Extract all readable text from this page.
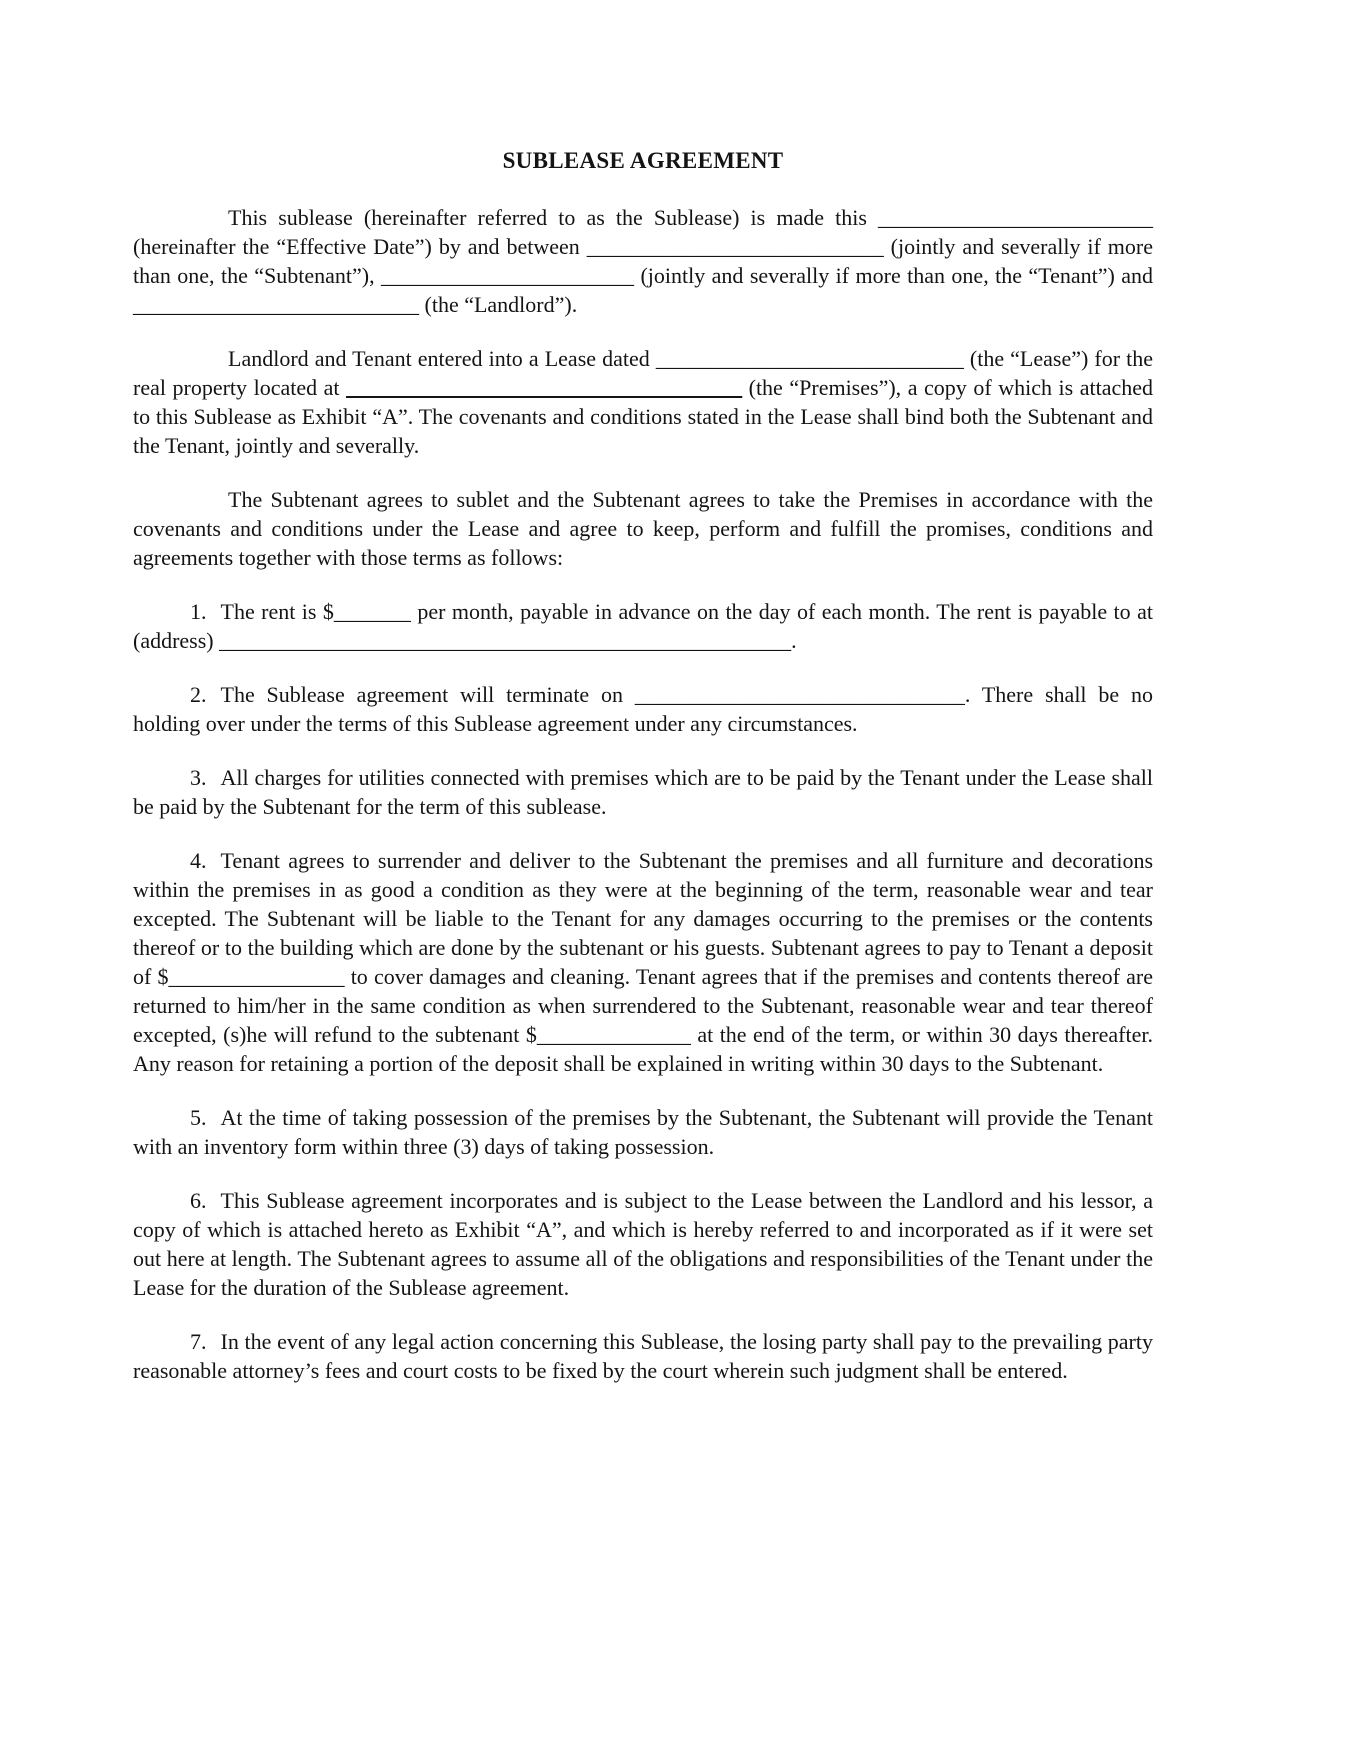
SUBLEASE AGREEMENT

This sublease (hereinafter referred to as the Sublease) is made this _________________________ (hereinafter the “Effective Date”) by and between ___________________________ (jointly and severally if more than one, the “Subtenant”), _______________________ (jointly and severally if more than one, the “Tenant”) and __________________________ (the “Landlord”).

Landlord and Tenant entered into a Lease dated ____________________________ (the “Lease”) for the real property located at ____________________________________ (the “Premises”), a copy of which is attached to this Sublease as Exhibit “A”. The covenants and conditions stated in the Lease shall bind both the Subtenant and the Tenant, jointly and severally.

The Subtenant agrees to sublet and the Subtenant agrees to take the Premises in accordance with the covenants and conditions under the Lease and agree to keep, perform and fulfill the promises, conditions and agreements together with those terms as follows:

1. The rent is $_______ per month, payable in advance on the day of each month. The rent is payable to at (address) ____________________________________________________.

2. The Sublease agreement will terminate on ______________________________. There shall be no holding over under the terms of this Sublease agreement under any circumstances.

3. All charges for utilities connected with premises which are to be paid by the Tenant under the Lease shall be paid by the Subtenant for the term of this sublease.

4. Tenant agrees to surrender and deliver to the Subtenant the premises and all furniture and decorations within the premises in as good a condition as they were at the beginning of the term, reasonable wear and tear excepted. The Subtenant will be liable to the Tenant for any damages occurring to the premises or the contents thereof or to the building which are done by the subtenant or his guests. Subtenant agrees to pay to Tenant a deposit of $________________ to cover damages and cleaning. Tenant agrees that if the premises and contents thereof are returned to him/her in the same condition as when surrendered to the Subtenant, reasonable wear and tear thereof excepted, (s)he will refund to the subtenant $______________ at the end of the term, or within 30 days thereafter. Any reason for retaining a portion of the deposit shall be explained in writing within 30 days to the Subtenant.

5. At the time of taking possession of the premises by the Subtenant, the Subtenant will provide the Tenant with an inventory form within three (3) days of taking possession.

6. This Sublease agreement incorporates and is subject to the Lease between the Landlord and his lessor, a copy of which is attached hereto as Exhibit “A”, and which is hereby referred to and incorporated as if it were set out here at length. The Subtenant agrees to assume all of the obligations and responsibilities of the Tenant under the Lease for the duration of the Sublease agreement.

7. In the event of any legal action concerning this Sublease, the losing party shall pay to the prevailing party reasonable attorney’s fees and court costs to be fixed by the court wherein such judgment shall be entered.
